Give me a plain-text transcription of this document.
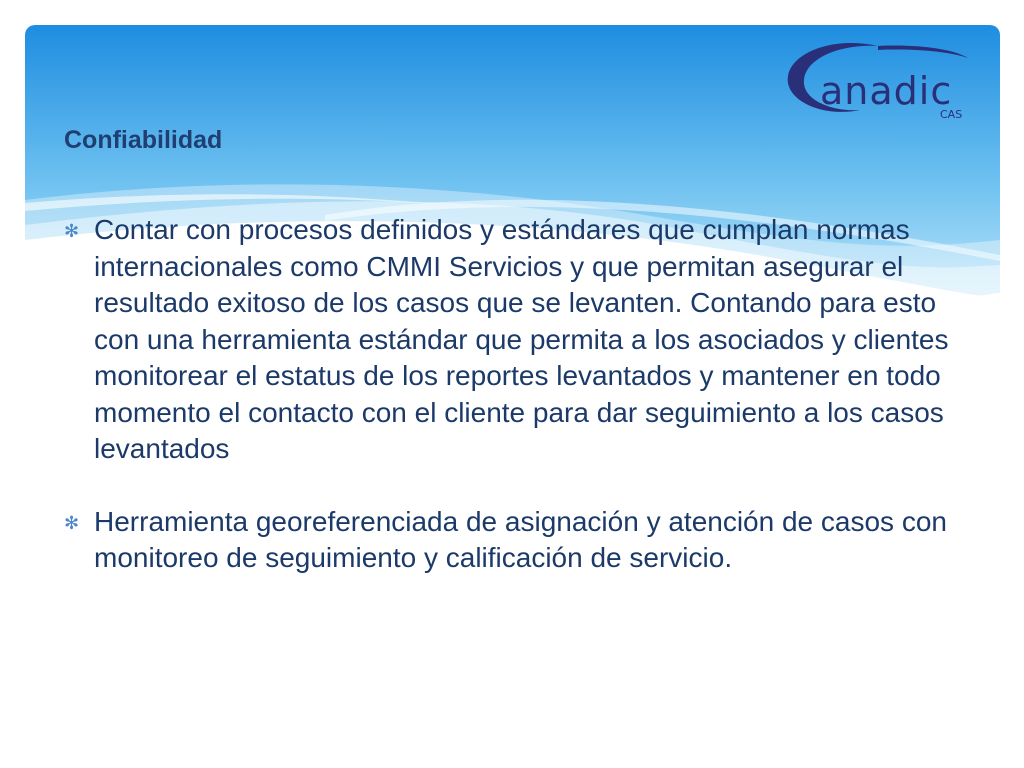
anadic
CAS
Confiabilidad
✻ Contar con procesos definidos y estándares que cumplan normas internacionales como CMMI Servicios y que permitan asegurar el resultado exitoso de los casos que se levanten. Contando para esto con una herramienta estándar que permita a los asociados y clientes monitorear el estatus de los reportes levantados y mantener en todo momento el contacto con el cliente para dar seguimiento a los casos levantados
✻ Herramienta georeferenciada de asignación y atención de casos con monitoreo de seguimiento y calificación de servicio.
